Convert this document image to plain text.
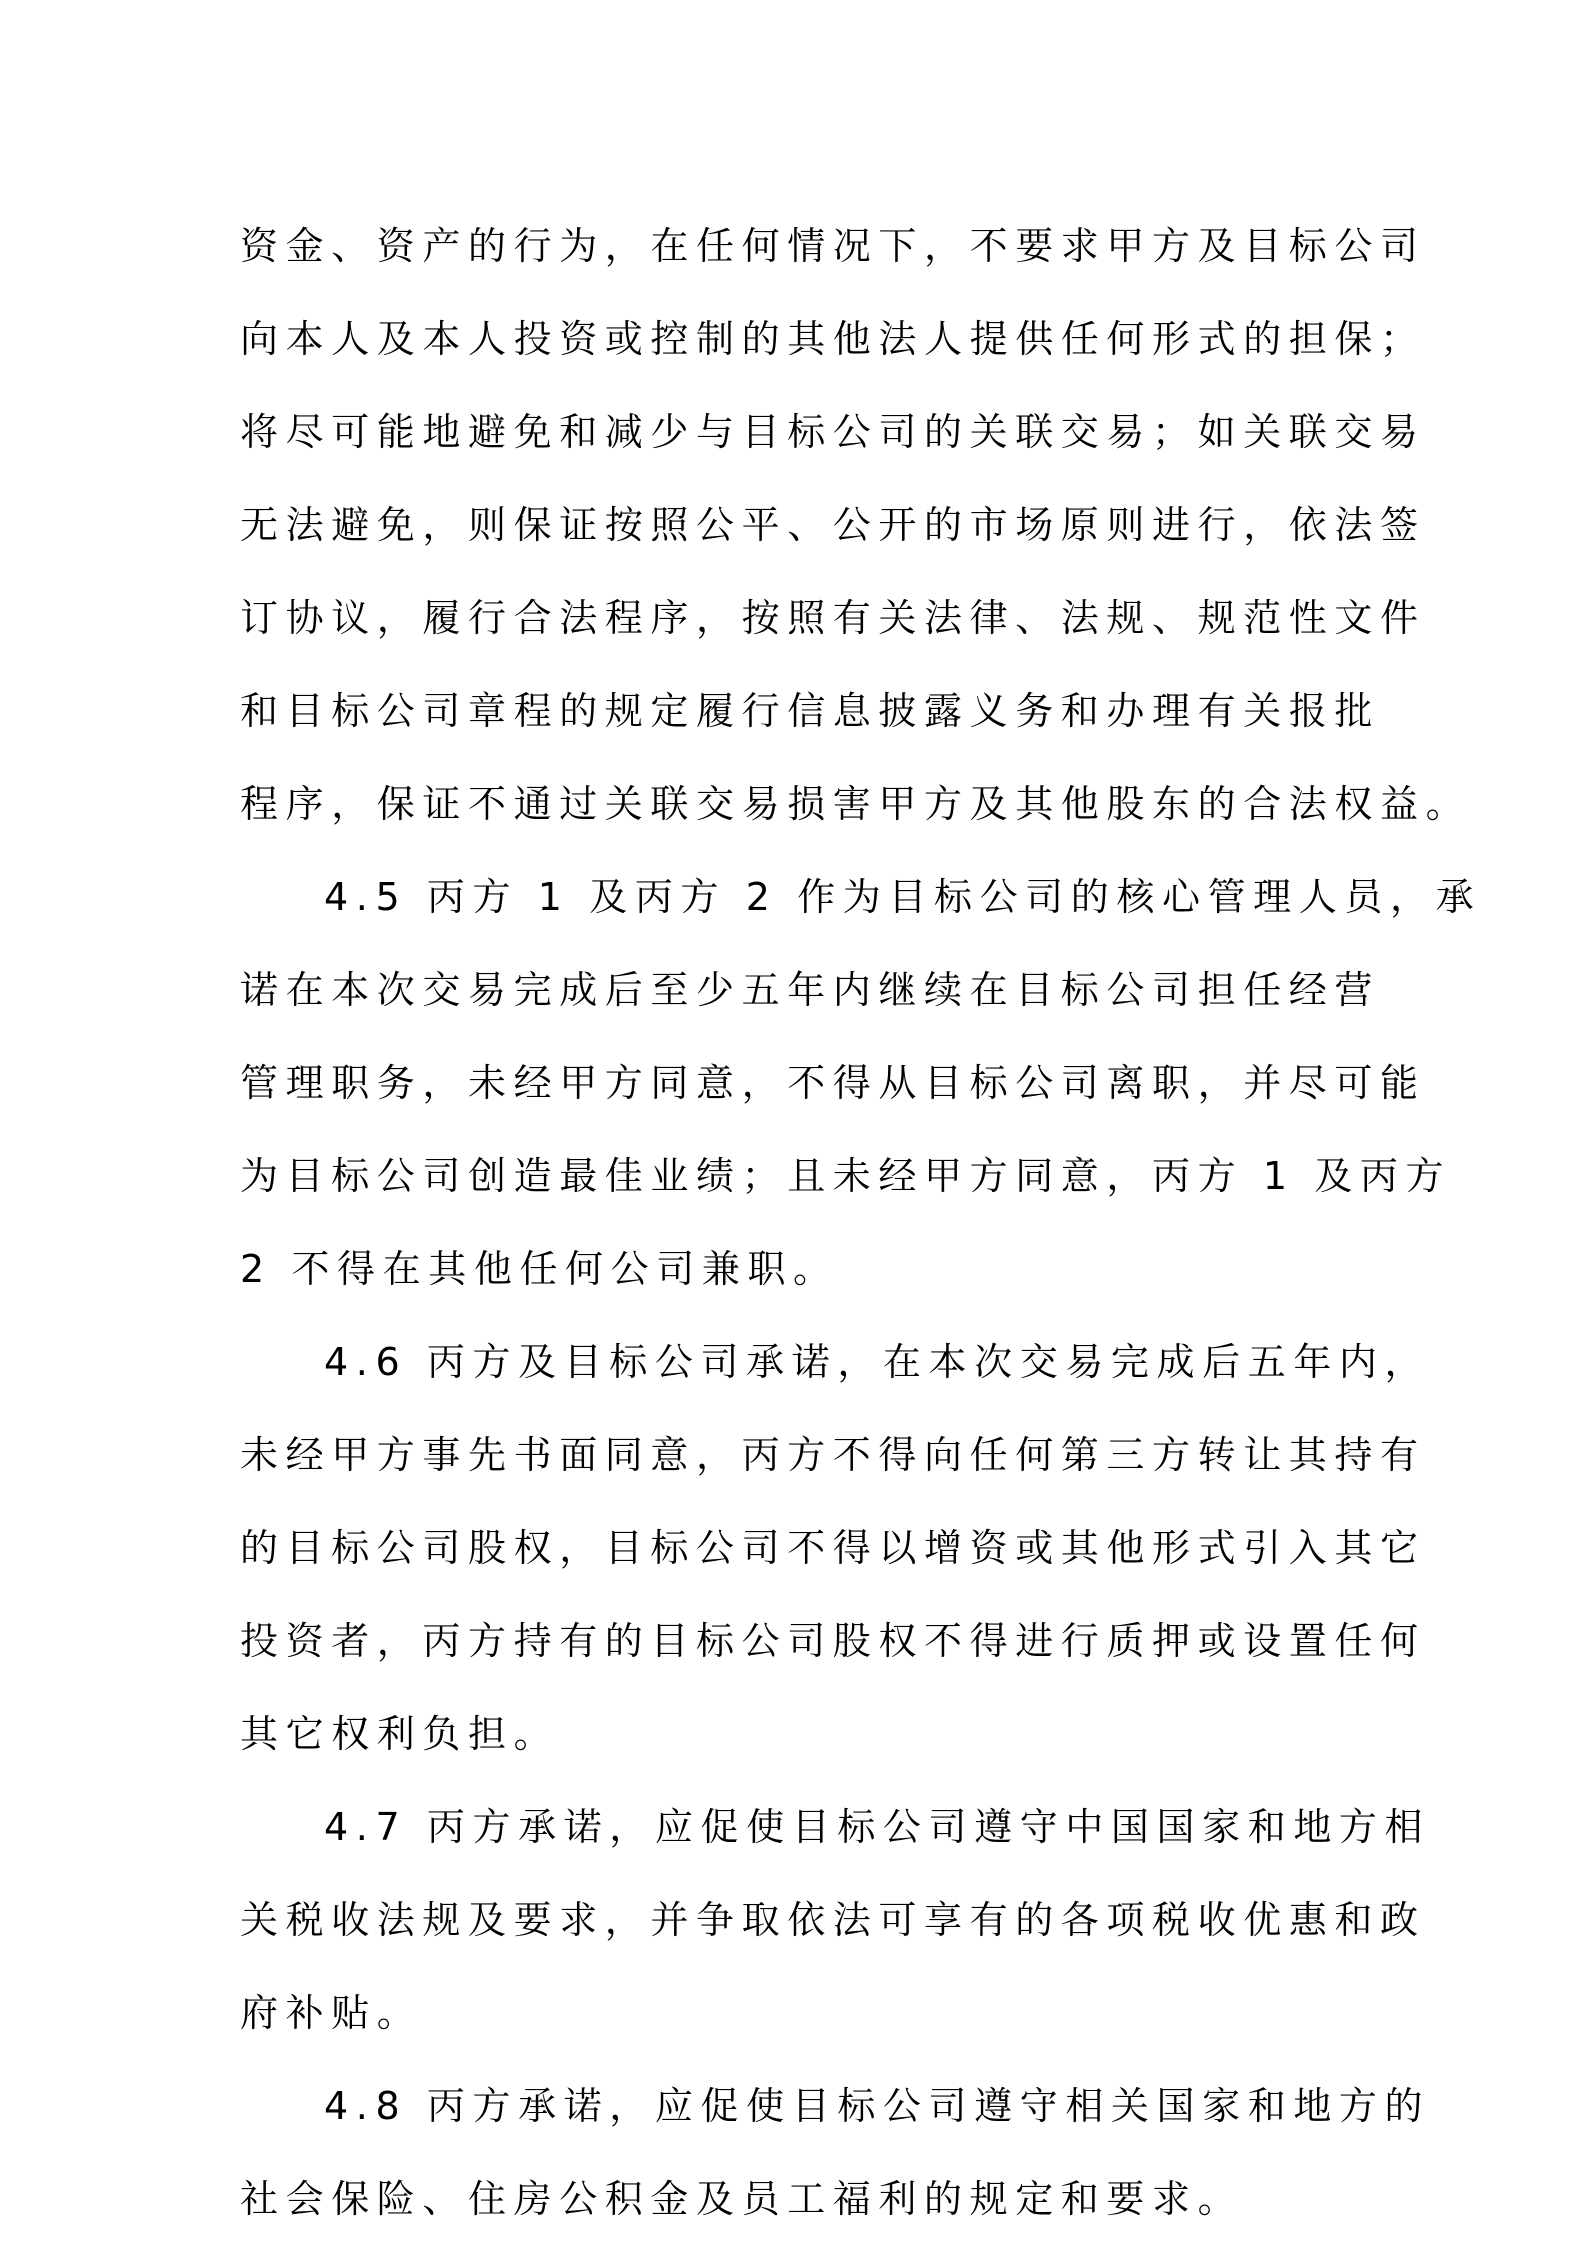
资金、资产的行为，在任何情况下，不要求甲方及目标公司
向本人及本人投资或控制的其他法人提供任何形式的担保；
将尽可能地避免和减少与目标公司的关联交易；如关联交易
无法避免，则保证按照公平、公开的市场原则进行，依法签
订协议，履行合法程序，按照有关法律、法规、规范性文件
和目标公司章程的规定履行信息披露义务和办理有关报批
程序，保证不通过关联交易损害甲方及其他股东的合法权益。
4.5 丙方 1 及丙方 2 作为目标公司的核心管理人员，承
诺在本次交易完成后至少五年内继续在目标公司担任经营
管理职务，未经甲方同意，不得从目标公司离职，并尽可能
为目标公司创造最佳业绩；且未经甲方同意，丙方 1 及丙方
2 不得在其他任何公司兼职。
4.6 丙方及目标公司承诺，在本次交易完成后五年内，
未经甲方事先书面同意，丙方不得向任何第三方转让其持有
的目标公司股权，目标公司不得以增资或其他形式引入其它
投资者，丙方持有的目标公司股权不得进行质押或设置任何
其它权利负担。
4.7 丙方承诺，应促使目标公司遵守中国国家和地方相
关税收法规及要求，并争取依法可享有的各项税收优惠和政
府补贴。
4.8 丙方承诺，应促使目标公司遵守相关国家和地方的
社会保险、住房公积金及员工福利的规定和要求。
